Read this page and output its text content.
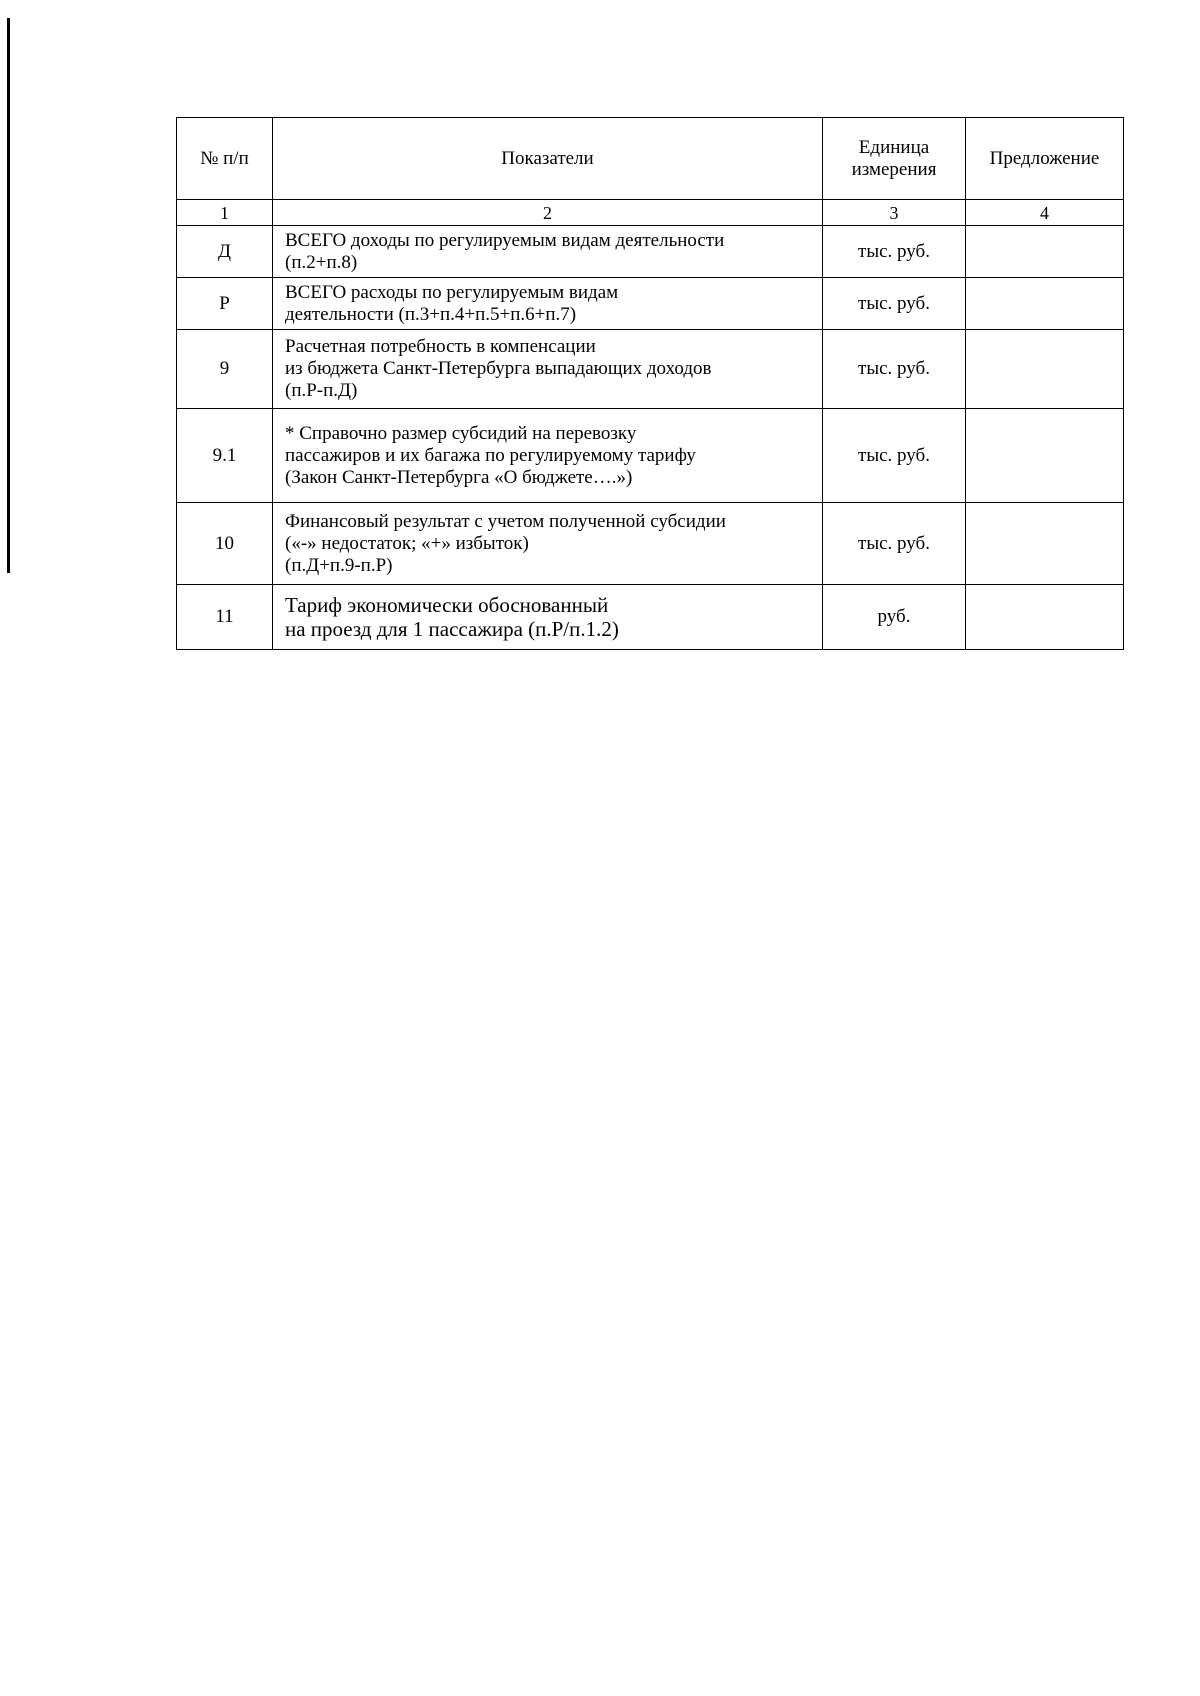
№ п/п	Показатели	Единица
измерения	Предложение
1	2	3	4
Д	ВСЕГО доходы по регулируемым видам деятельности
(п.2+п.8)	тыс. руб.	
Р	ВСЕГО расходы по регулируемым видам
деятельности (п.3+п.4+п.5+п.6+п.7)	тыс. руб.	
9	Расчетная потребность в компенсации
из бюджета Санкт-Петербурга выпадающих доходов
(п.Р-п.Д)	тыс. руб.	
9.1	* Справочно размер субсидий на перевозку
пассажиров и их багажа по регулируемому тарифу
(Закон Санкт-Петербурга «О бюджете….»)	тыс. руб.	
10	Финансовый результат с учетом полученной субсидии
(«-» недостаток; «+» избыток)
(п.Д+п.9-п.Р)	тыс. руб.	
11	Тариф экономически обоснованный
на проезд для 1 пассажира (п.Р/п.1.2)	руб.	
